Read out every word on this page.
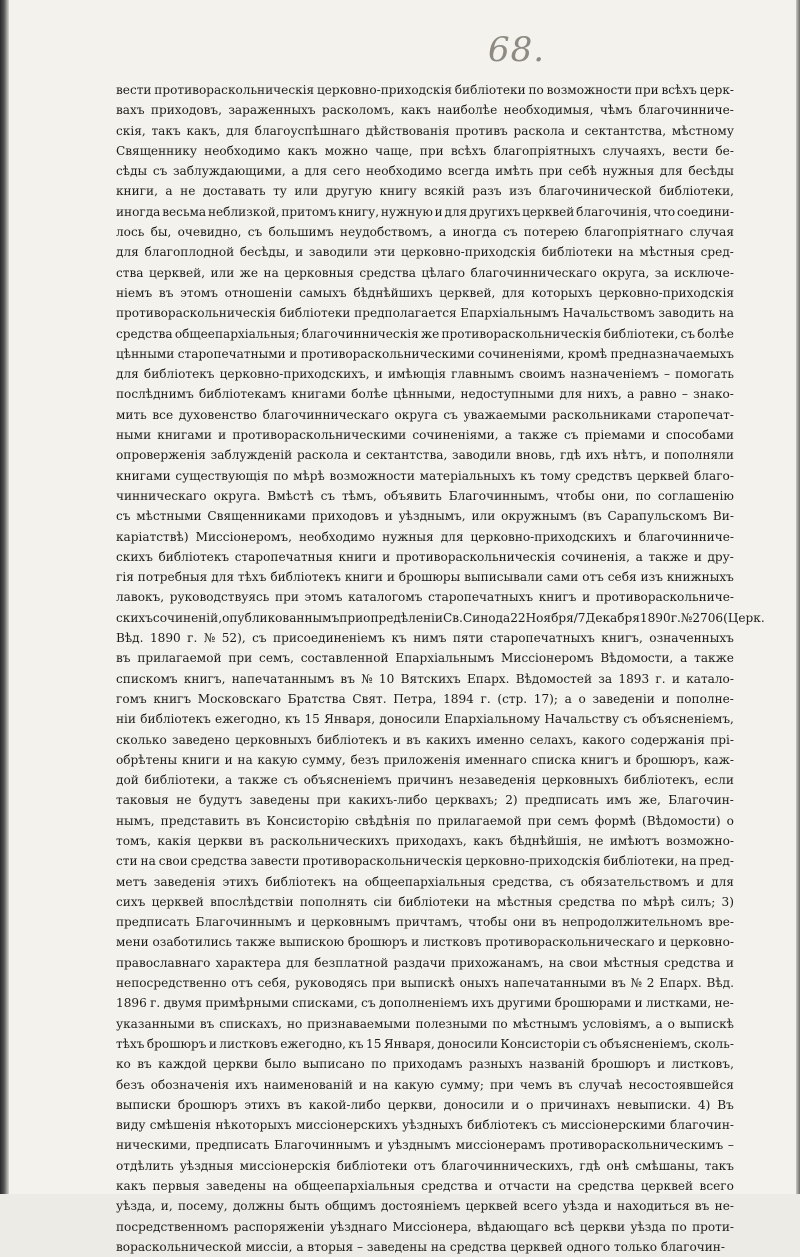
68.
вести противораскольническія церковно-приходскія библіотеки по возможности при всѣхъ церк-
вахъ приходовъ, зараженныхъ расколомъ, какъ наиболѣе необходимыя, чѣмъ благочинниче-
скія, такъ какъ, для благоуспѣшнаго дѣйствованія противъ раскола и сектантства, мѣстному
Священнику необходимо какъ можно чаще, при всѣхъ благопріятныхъ случаяхъ, вести бе-
сѣды съ заблуждающими, а для сего необходимо всегда имѣть при себѣ нужныя для бесѣды
книги, а не доставать ту или другую книгу всякій разъ изъ благочинической библіотеки,
иногда весьма неблизкой, притомъ книгу, нужную и для другихъ церквей благочинія, что соедини-
лось бы, очевидно, съ большимъ неудобствомъ, а иногда съ потерею благопріятнаго случая
для благоплодной бесѣды, и заводили эти церковно-приходскія библіотеки на мѣстныя сред-
ства церквей, или же на церковныя средства цѣлаго благочинническаго округа, за исключе-
ніемъ въ этомъ отношеніи самыхъ бѣднѣйшихъ церквей, для которыхъ церковно-приходскія
противораскольническія библіотеки предполагается Епархіальнымъ Начальствомъ заводить на
средства общеепархіальныя; благочинническія же противораскольническія библіотеки, съ болѣе
цѣнными старопечатными и противораскольническими сочиненіями, кромѣ предназначаемыхъ
для библіотекъ церковно-приходскихъ, и имѣющія главнымъ своимъ назначеніемъ – помогать
послѣднимъ библіотекамъ книгами болѣе цѣнными, недоступными для нихъ, а равно – знако-
мить все духовенство благочинническаго округа съ уважаемыми раскольниками старопечат-
ными книгами и противораскольническими сочиненіями, а также съ пріемами и способами
опроверженія заблужденій раскола и сектантства, заводили вновь, гдѣ ихъ нѣтъ, и пополняли
книгами существующія по мѣрѣ возможности матеріальныхъ къ тому средствъ церквей благо-
чинническаго округа. Вмѣстѣ съ тѣмъ, объявить Благочиннымъ, чтобы они, по соглашенію
съ мѣстными Священниками приходовъ и уѣзднымъ, или окружнымъ (въ Сарапульскомъ Ви-
каріатствѣ) Миссіонеромъ, необходимо нужныя для церковно-приходскихъ и благочинниче-
скихъ библіотекъ старопечатныя книги и противораскольническія сочиненія, а также и дру-
гія потребныя для тѣхъ библіотекъ книги и брошюры выписывали сами отъ себя изъ книжныхъ
лавокъ, руководствуясь при этомъ каталогомъ старопечатныхъ книгъ и противораскольниче-
скихъ сочиненій, опубликованнымъ при опредѣленіи Св. Синода 22 Ноября / 7 Декабря 1890 г. № 2706 (Церк.
Вѣд. 1890 г. № 52), съ присоединеніемъ къ нимъ пяти старопечатныхъ книгъ, означенныхъ
въ прилагаемой при семъ, составленной Епархіальнымъ Миссіонеромъ Вѣдомости, а также
спискомъ книгъ, напечатаннымъ въ № 10 Вятскихъ Епарх. Вѣдомостей за 1893 г. и катало-
гомъ книгъ Московскаго Братства Свят. Петра, 1894 г. (стр. 17); а о заведеніи и пополне-
ніи библіотекъ ежегодно, къ 15 Января, доносили Епархіальному Начальству съ объясненіемъ,
сколько заведено церковныхъ библіотекъ и въ какихъ именно селахъ, какого содержанія прі-
обрѣтены книги и на какую сумму, безъ приложенія именнаго списка книгъ и брошюръ, каж-
дой библіотеки, а также съ объясненіемъ причинъ незаведенія церковныхъ библіотекъ, если
таковыя не будутъ заведены при какихъ-либо церквахъ; 2) предписать имъ же, Благочин-
нымъ, представить въ Консисторію свѣдѣнія по прилагаемой при семъ формѣ (Вѣдомости) о
томъ, какія церкви въ раскольническихъ приходахъ, какъ бѣднѣйшія, не имѣютъ возможно-
сти на свои средства завести противораскольническія церковно-приходскія библіотеки, на пред-
метъ заведенія этихъ библіотекъ на общеепархіальныя средства, съ обязательствомъ и для
сихъ церквей впослѣдствіи пополнять сіи библіотеки на мѣстныя средства по мѣрѣ силъ; 3)
предписать Благочиннымъ и церковнымъ причтамъ, чтобы они въ непродолжительномъ вре-
мени озаботились также выпискою брошюръ и листковъ противораскольническаго и церковно-
православнаго характера для безплатной раздачи прихожанамъ, на свои мѣстныя средства и
непосредственно отъ себя, руководясь при выпискѣ оныхъ напечатанными въ № 2 Епарх. Вѣд.
1896 г. двумя примѣрными списками, съ дополненіемъ ихъ другими брошюрами и листками, не-
указанными въ спискахъ, но признаваемыми полезными по мѣстнымъ условіямъ, а о выпискѣ
тѣхъ брошюръ и листковъ ежегодно, къ 15 Января, доносили Консисторіи съ объясненіемъ, сколь-
ко въ каждой церкви было выписано по приходамъ разныхъ названій брошюръ и листковъ,
безъ обозначенія ихъ наименованій и на какую сумму; при чемъ въ случаѣ несостоявшейся
выписки брошюръ этихъ въ какой-либо церкви, доносили и о причинахъ невыписки. 4) Въ
виду смѣшенія нѣкоторыхъ миссіонерскихъ уѣздныхъ библіотекъ съ миссіонерскими благочин-
ническими, предписать Благочиннымъ и уѣзднымъ миссіонерамъ противораскольническимъ –
отдѣлить уѣздныя миссіонерскія библіотеки отъ благочинническихъ, гдѣ онѣ смѣшаны, такъ
какъ первыя заведены на общеепархіальныя средства и отчасти на средства церквей всего
уѣзда, и, посему, должны быть общимъ достояніемъ церквей всего уѣзда и находиться въ не-
посредственномъ распоряженіи уѣзднаго Миссіонера, вѣдающаго всѣ церкви уѣзда по проти-
вораскольнической миссіи, а вторыя – заведены на средства церквей одного только благочин-
